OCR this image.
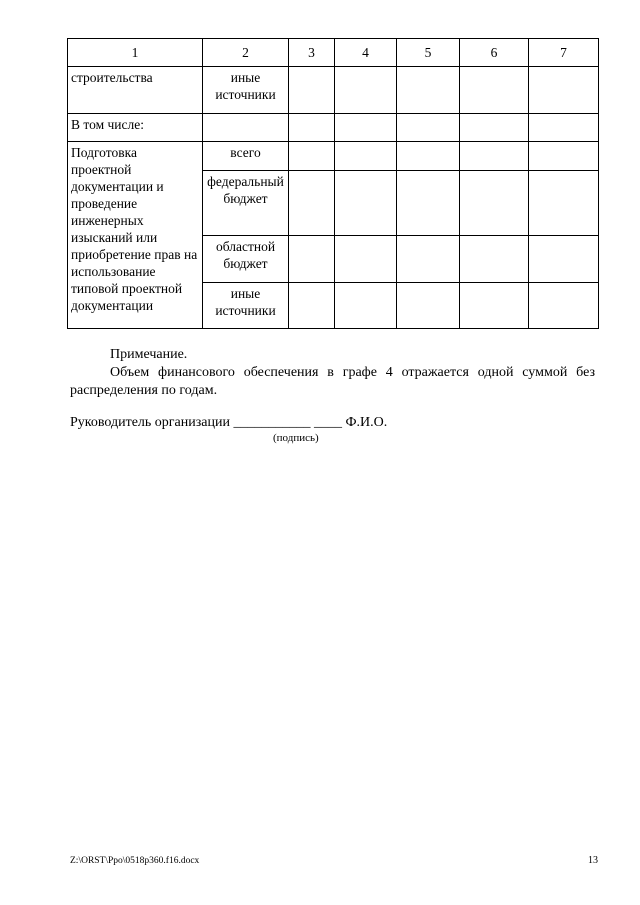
1	2	3	4	5	6	7
строительства	иные источники					
В том числе:						
Подготовка проектной документации и проведение инженерных изысканий или приобретение прав на использование типовой проектной документации	всего					
	федеральный бюджет					
	областной бюджет					
	иные источники					
Примечание.
Объем финансового обеспечения в графе 4 отражается одной суммой без распределения по годам.
Руководитель организации ___________ ____ Ф.И.О.
(подпись)
Z:\ORST\Ppo\0518p360.f16.docx	13
